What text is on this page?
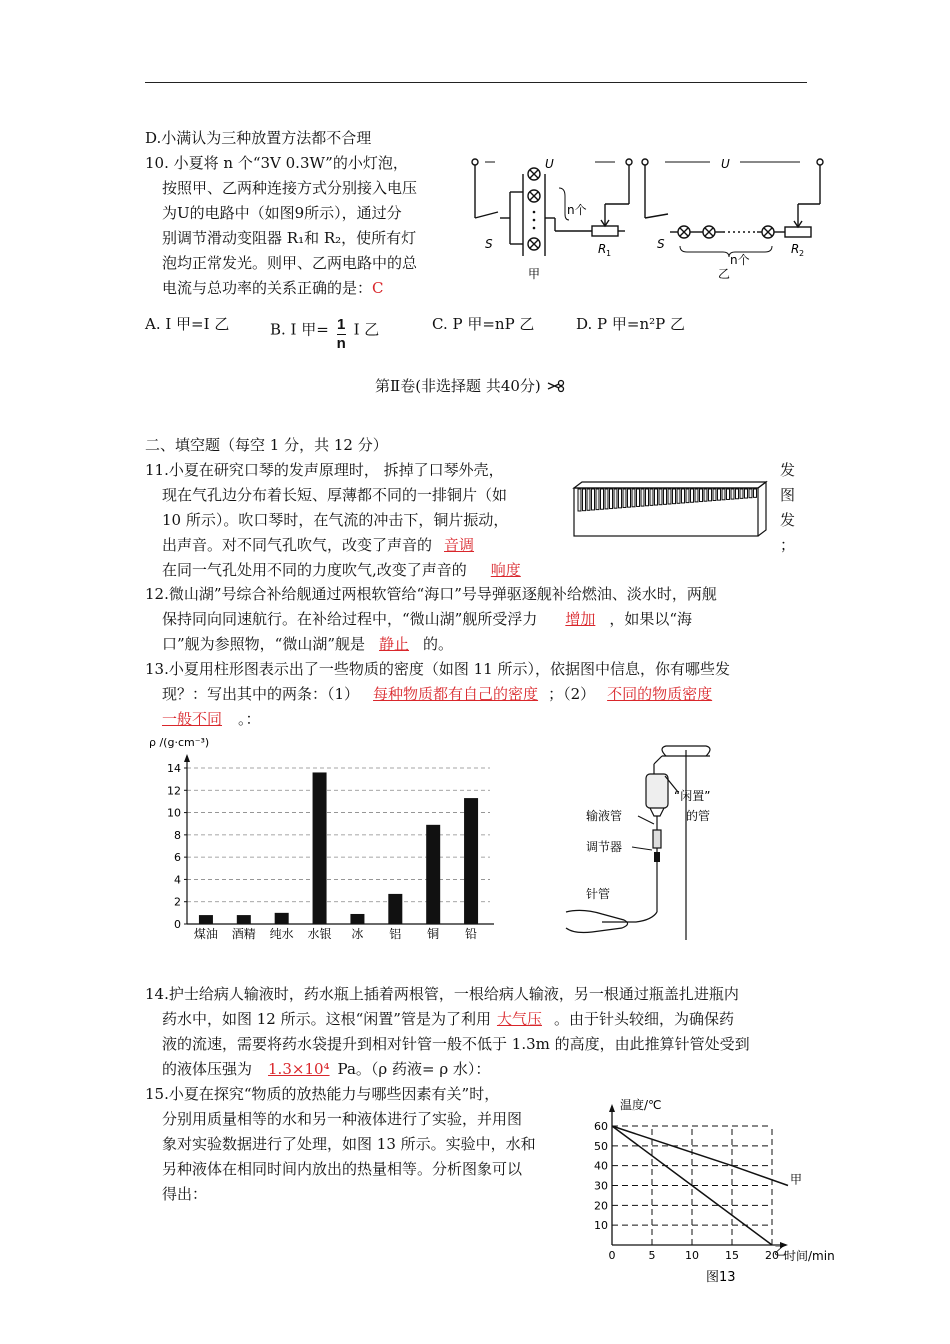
D.小满认为三种放置方法都不合理
10. 小夏将 n 个“3V 0.3W”的小灯泡，
按照甲、乙两种连接方式分别接入电压
为U的电路中（如图9所示），通过分
别调节滑动变阻器 R₁和 R₂，使所有灯
泡均正常发光。则甲、乙两电路中的总
电流与总功率的关系正确的是：C
U	U
S	S
R 1	R 2
n个
n个
甲	乙
A. I 甲=I 乙	B. I 甲= $\frac{1}{n}$ I 乙	C. P 甲=nP 乙	D. P 甲=n²P 乙
第Ⅱ卷(非选择题 共40分)
二、填空题（每空 1 分，共 12 分）
11.小夏在研究口琴的发声原理时， 拆掉了口琴外壳，
现在气孔边分布着长短、厚薄都不同的一排铜片（如
10 所示）。吹口琴时，在气流的冲击下，铜片振动，
出声音。对不同气孔吹气，改变了声音的 音调
在同一气孔处用不同的力度吹气,改变了声音的 响度
发
图
发
；
12.微山湖”号综合补给舰通过两根软管给“海口”号导弹驱逐舰补给燃油、淡水时，两舰
保持同向同速航行。在补给过程中，“微山湖”舰所受浮力 增加 ，如果以“海
口”舰为参照物，“微山湖”舰是 静止 的。
13.小夏用柱形图表示出了一些物质的密度（如图 11 所示），依据图中信息，你有哪些发
现？：写出其中的两条：（1） 每种物质都有自己的密度 ；（2） 不同的物质密度
一般不同 。：
ρ /(g·cm⁻³)
0
2
4
6
8
10
12
14
煤油 酒精 纯水 水银 冰 铝 铜 铅
“闲置”
的管
输液管
调节器
针管
14.护士给病人输液时，药水瓶上插着两根管，一根给病人输液，另一根通过瓶盖扎进瓶内
药水中，如图 12 所示。这根“闲置”管是为了利用 大气压 。由于针头较细，为确保药
液的流速，需要将药水袋提升到相对针管一般不低于 1.3m 的高度，由此推算针管处受到
的液体压强为 1.3×10⁴ Pa。（ρ 药液= ρ 水）：
15.小夏在探究“物质的放热能力与哪些因素有关”时，
分别用质量相等的水和另一种液体进行了实验，并用图
象对实验数据进行了处理，如图 13 所示。实验中，水和
另种液体在相同时间内放出的热量相等。分析图象可以
得出：
温度/℃
时间/min
图13
10
20
30
40
50
60
0	5	10 15 20
甲
乙
